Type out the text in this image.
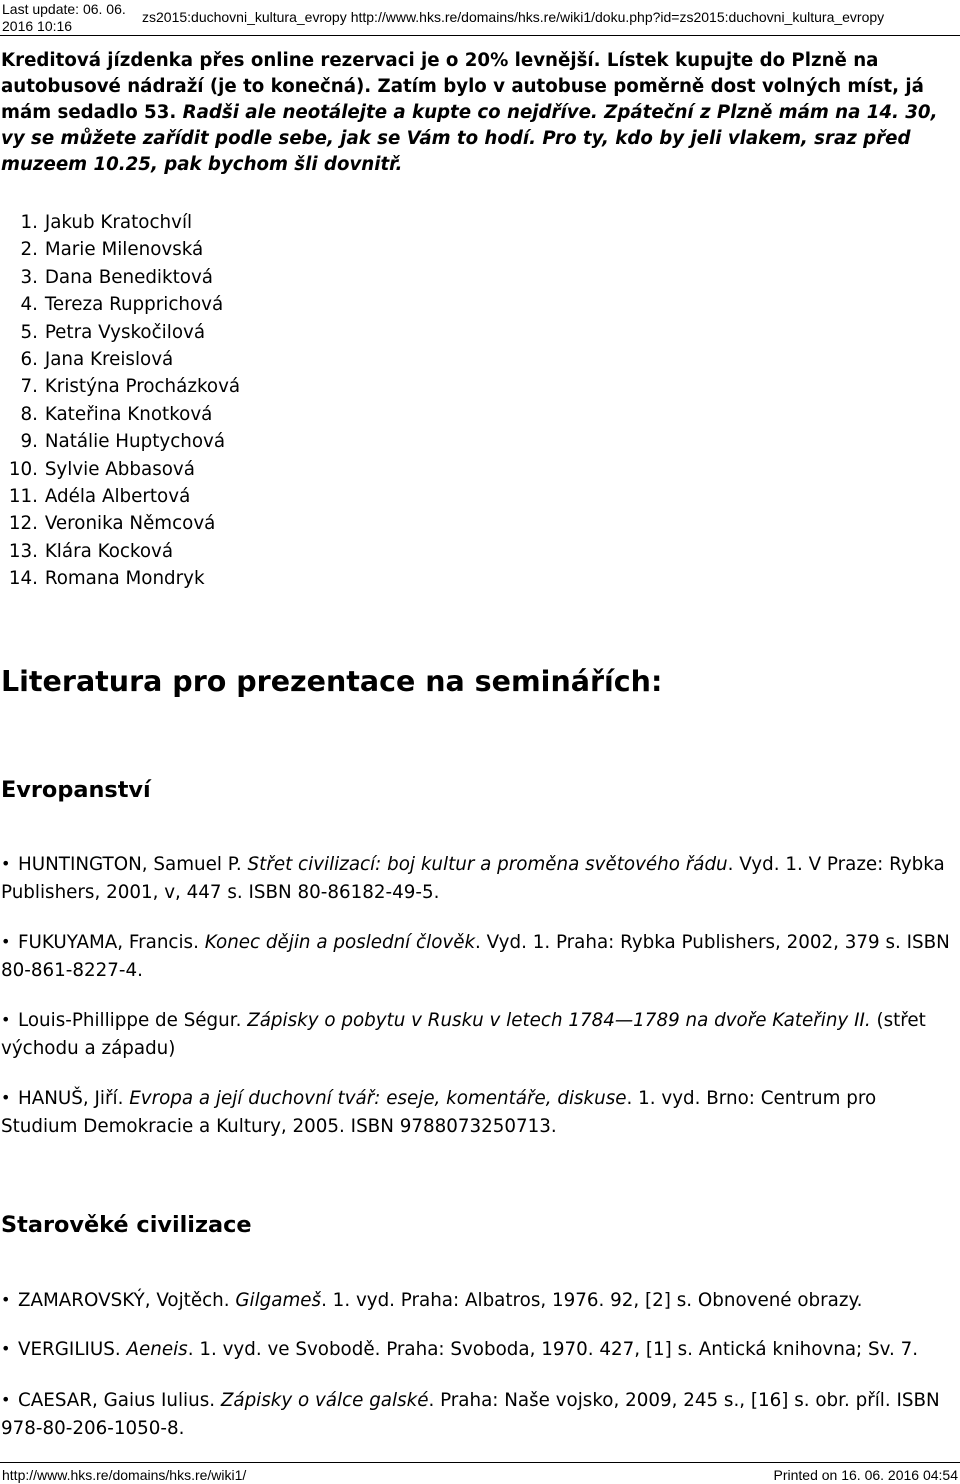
Last update: 06. 06. 2016 10:16
zs2015:duchovni_kultura_evropy http://www.hks.re/domains/hks.re/wiki1/doku.php?id=zs2015:duchovni_kultura_evropy
Kreditová jízdenka přes online rezervaci je o 20% levnější. Lístek kupujte do Plzně na autobusové nádraží (je to konečná). Zatím bylo v autobuse poměrně dost volných míst, já mám sedadlo 53. Radši ale neotálejte a kupte co nejdříve. Zpáteční z Plzně mám na 14. 30, vy se můžete zařídit podle sebe, jak se Vám to hodí. Pro ty, kdo by jeli vlakem, sraz před muzeem 10.25, pak bychom šli dovnitř.
1.
Jakub Kratochvíl
2.
Marie Milenovská
3.
Dana Benediktová
4.
Tereza Rupprichová
5.
Petra Vyskočilová
6.
Jana Kreislová
7.
Kristýna Procházková
8.
Kateřina Knotková
9.
Natálie Huptychová
10.
Sylvie Abbasová
11.
Adéla Albertová
12.
Veronika Němcová
13.
Klára Kocková
14.
Romana Mondryk
Literatura pro prezentace na seminářích:
Evropanství
• HUNTINGTON, Samuel P. Střet civilizací: boj kultur a proměna světového řádu. Vyd. 1. V Praze: Rybka Publishers, 2001, v, 447 s. ISBN 80-86182-49-5.
• FUKUYAMA, Francis. Konec dějin a poslední člověk. Vyd. 1. Praha: Rybka Publishers, 2002, 379 s. ISBN 80-861-8227-4.
• Louis-Phillippe de Ségur. Zápisky o pobytu v Rusku v letech 1784—1789 na dvoře Kateřiny II. (střet východu a západu)
• HANUŠ, Jiří. Evropa a její duchovní tvář: eseje, komentáře, diskuse. 1. vyd. Brno: Centrum pro Studium Demokracie a Kultury, 2005. ISBN 9788073250713.
Starověké civilizace
• ZAMAROVSKÝ, Vojtěch. Gilgameš. 1. vyd. Praha: Albatros, 1976. 92, [2] s. Obnovené obrazy.
• VERGILIUS. Aeneis. 1. vyd. ve Svobodě. Praha: Svoboda, 1970. 427, [1] s. Antická knihovna; Sv. 7.
• CAESAR, Gaius Iulius. Zápisky o válce galské. Praha: Naše vojsko, 2009, 245 s., [16] s. obr. příl. ISBN 978-80-206-1050-8.
http://www.hks.re/domains/hks.re/wiki1/	Printed on 16. 06. 2016 04:54
